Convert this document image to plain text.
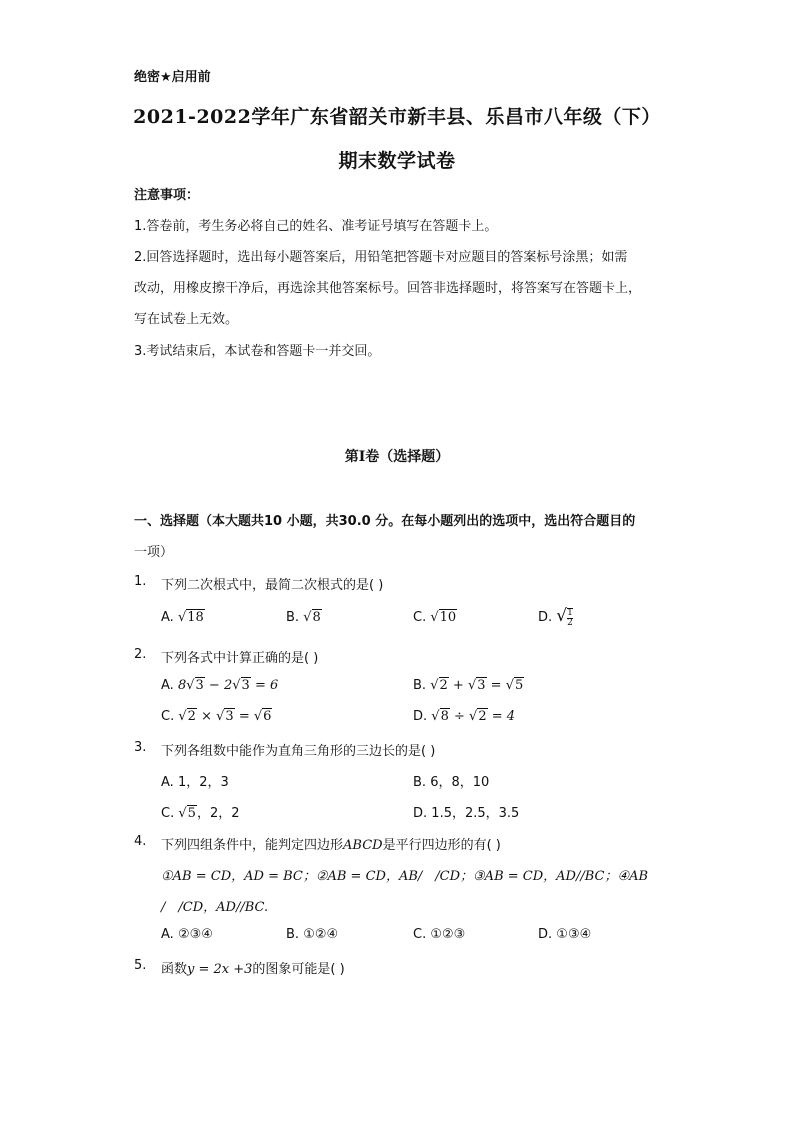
绝密★启用前
2021-2022学年广东省韶关市新丰县、乐昌市八年级（下）
期末数学试卷
注意事项：
1.答卷前，考生务必将自己的姓名、准考证号填写在答题卡上。
2.回答选择题时，选出每小题答案后，用铅笔把答题卡对应题目的答案标号涂黑；如需
改动，用橡皮擦干净后，再选涂其他答案标号。回答非选择题时，将答案写在答题卡上，
写在试卷上无效。
3.考试结束后，本试卷和答题卡一并交回。
第Ⅰ卷（选择题）
一、选择题（本大题共10 小题，共30.0 分。在每小题列出的选项中，选出符合题目的
一项）
1. 下列二次根式中，最简二次根式的是( )
A. √18	B. √8	C. √10	D. √ $\frac{1}{2}$
2. 下列各式中计算正确的是( )
A. 8√3 − 2√3 = 6	B. √2 + √3 = √5
C. √2 × √3 = √6	D. √8 ÷ √2 = 4
3. 下列各组数中能作为直角三角形的三边长的是( )
A. 1，2，3	B. 6，8，10
C. √5，2，2	D. 1.5，2.5，3.5
4. 下列四组条件中，能判定四边形ABCD是平行四边形的有( )
①AB = CD，AD = BC；②AB = CD，AB/　/CD；③AB = CD，AD//BC；④AB
/　/CD，AD//BC.
A. ②③④	B. ①②④	C. ①②③	D. ①③④
5. 函数y = 2x +3的图象可能是( )
